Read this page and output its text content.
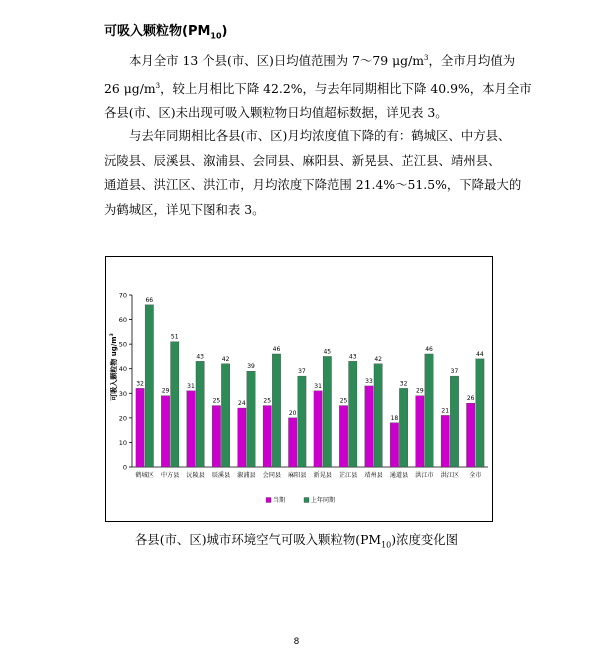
可吸入颗粒物$(PM_{10})$
本月全市 13 个县(市、区)日均值范围为 7～79 $\mu g/m^3$，全市月均值为
26 $\mu g/m^3$，较上月相比下降 42.2%，与去年同期相比下降 40.9%，本月全市
各县(市、区)未出现可吸入颗粒物日均值超标数据，详见表 3。
与去年同期相比各县(市、区)月均浓度值下降的有：鹤城区、中方县、
沅陵县、辰溪县、溆浦县、会同县、麻阳县、新晃县、芷江县、靖州县、
通道县、洪江区、洪江市，月均浓度下降范围 21.4%～51.5%，下降最大的
为鹤城区，详见下图和表 3。
0
10
20
30
40
50
60
70
可吸入颗粒物 $ug/m^3$
32
66
鹤城区
29
51
中方县
31
43
沅陵县
25
42
辰溪县
24
39
溆浦县
25
46
会同县
20
37
麻阳县
31
45
新晃县
25
43
芷江县
33
42
靖州县
18
32
通道县
29
46
洪江市
21
37
洪江区
26
44
全市
当期	上年同期
各县(市、区)城市环境空气可吸入颗粒物$(PM_{10})$浓度变化图
8
